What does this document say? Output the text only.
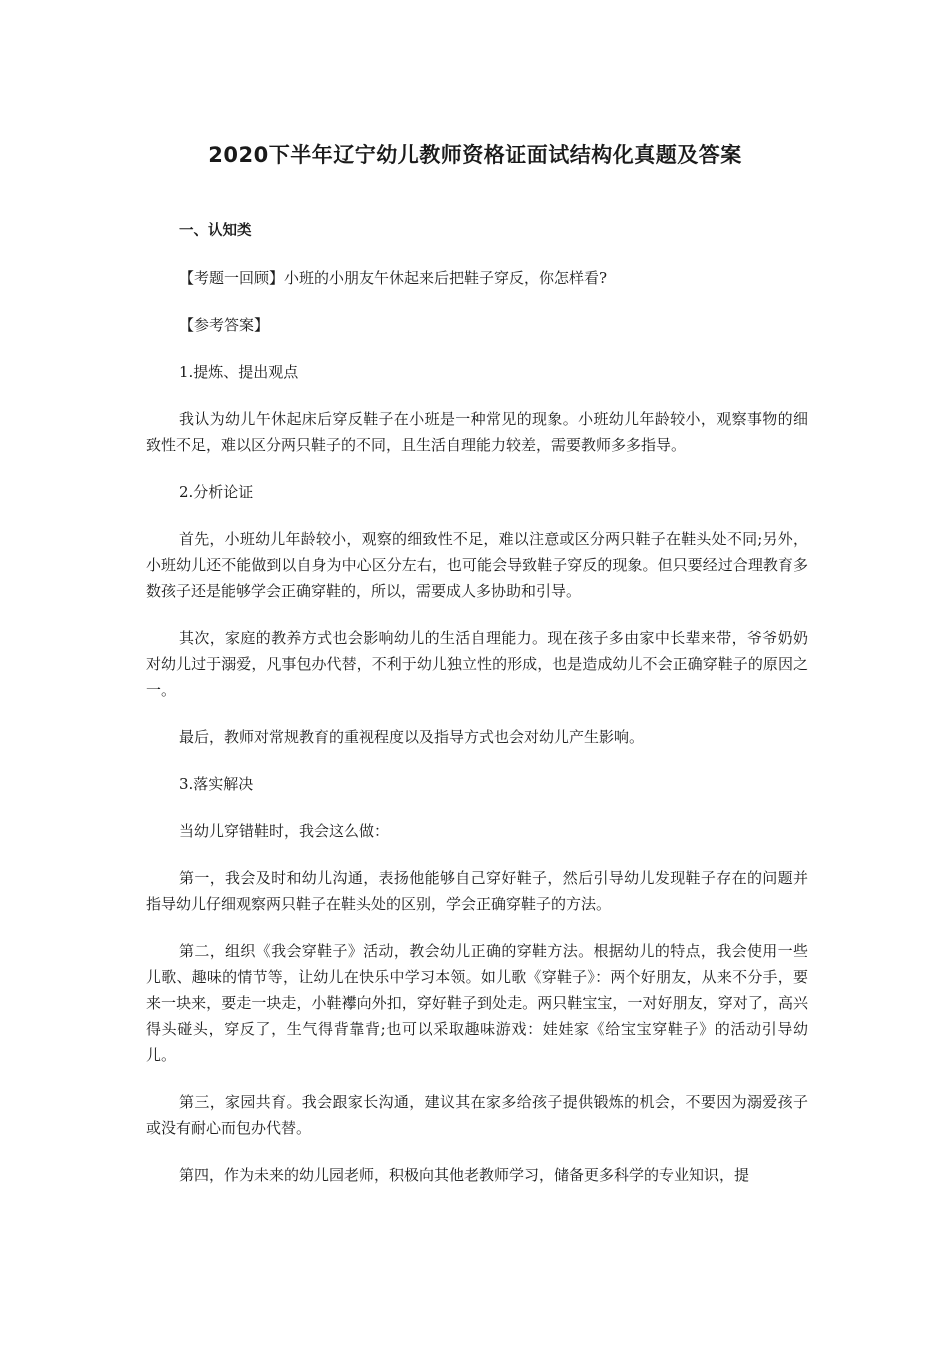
2020下半年辽宁幼儿教师资格证面试结构化真题及答案

一、认知类

【考题一回顾】小班的小朋友午休起来后把鞋子穿反，你怎样看?

【参考答案】

1.提炼、提出观点

我认为幼儿午休起床后穿反鞋子在小班是一种常见的现象。小班幼儿年龄较小，观察事物的细致性不足，难以区分两只鞋子的不同，且生活自理能力较差，需要教师多多指导。

2.分析论证

首先，小班幼儿年龄较小，观察的细致性不足，难以注意或区分两只鞋子在鞋头处不同;另外，小班幼儿还不能做到以自身为中心区分左右，也可能会导致鞋子穿反的现象。但只要经过合理教育多数孩子还是能够学会正确穿鞋的，所以，需要成人多协助和引导。

其次，家庭的教养方式也会影响幼儿的生活自理能力。现在孩子多由家中长辈来带，爷爷奶奶对幼儿过于溺爱，凡事包办代替，不利于幼儿独立性的形成，也是造成幼儿不会正确穿鞋子的原因之一。

最后，教师对常规教育的重视程度以及指导方式也会对幼儿产生影响。

3.落实解决

当幼儿穿错鞋时，我会这么做：

第一，我会及时和幼儿沟通，表扬他能够自己穿好鞋子，然后引导幼儿发现鞋子存在的问题并指导幼儿仔细观察两只鞋子在鞋头处的区别，学会正确穿鞋子的方法。

第二，组织《我会穿鞋子》活动，教会幼儿正确的穿鞋方法。根据幼儿的特点，我会使用一些儿歌、趣味的情节等，让幼儿在快乐中学习本领。如儿歌《穿鞋子》：两个好朋友，从来不分手，要来一块来，要走一块走，小鞋襻向外扣，穿好鞋子到处走。两只鞋宝宝，一对好朋友，穿对了，高兴得头碰头，穿反了，生气得背靠背;也可以采取趣味游戏：娃娃家《给宝宝穿鞋子》的活动引导幼儿。

第三，家园共育。我会跟家长沟通，建议其在家多给孩子提供锻炼的机会，不要因为溺爱孩子或没有耐心而包办代替。

第四，作为未来的幼儿园老师，积极向其他老教师学习，储备更多科学的专业知识，提
